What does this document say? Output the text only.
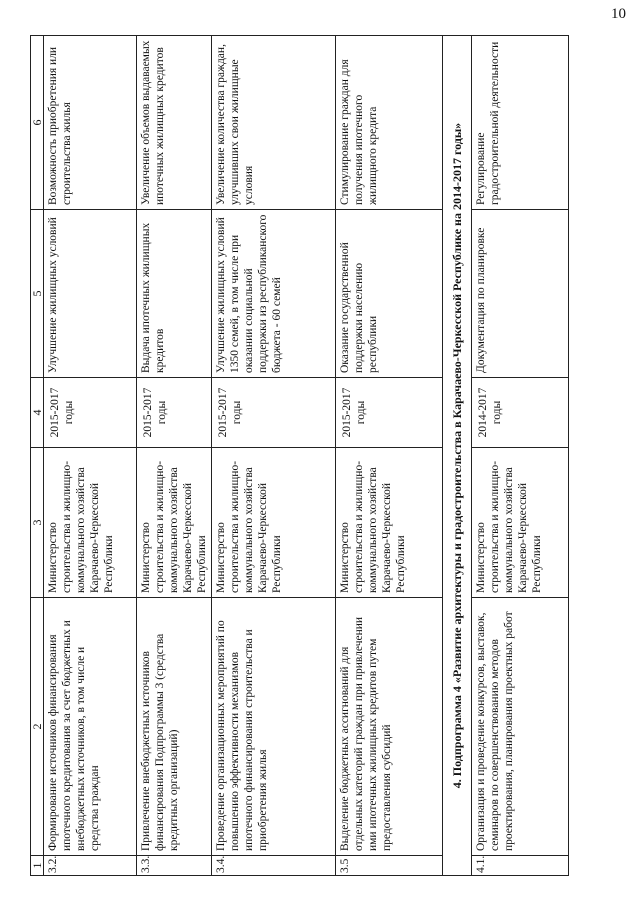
10
1	2	3	4	5	6
3.2.	Формирование источников финансирования ипотечного кредитования за счет бюджетных и внебюджетных источников, в том числе и средства граждан	Министерство строительства и жилищно-коммунального хозяйства Карачаево-Черкесской Республики	2015-2017 годы	Улучшение жилищных условий	Возможность приобретения или строительства жилья
3.3.	Привлечение внебюджетных источников финансирования Подпрограммы 3 (средства кредитных организаций)	Министерство строительства и жилищно-коммунального хозяйства Карачаево-Черкесской Республики	2015-2017 годы	Выдача ипотечных жилищных кредитов	Увеличение объемов выдаваемых ипотечных жилищных кредитов
3.4.	Проведение организационных мероприятий по повышению эффективности механизмов ипотечного финансирования строительства и приобретения жилья	Министерство строительства и жилищно-коммунального хозяйства Карачаево-Черкесской Республики	2015-2017 годы	Улучшение жилищных условий 1350 семей, в том числе при оказании социальной поддержки из республиканского бюджета - 60 семей	Увеличение количества граждан, улучшивших свои жилищные условия
3.5	Выделение бюджетных ассигнований для отдельных категорий граждан при привлечении ими ипотечных жилищных кредитов путем предоставления субсидий	Министерство строительства и жилищно-коммунального хозяйства Карачаево-Черкесской Республики	2015-2017 годы	Оказание государственной поддержки населению республики	Стимулирование граждан для получения ипотечного жилищного кредита
4. Подпрограмма 4 «Развитие архитектуры и градостроительства в Карачаево-Черкесской Республике на 2014-2017 годы»					
4.1.	Организация и проведение конкурсов, выставок, семинаров по совершенствованию методов проектирования, планирования проектных работ	Министерство строительства и жилищно-коммунального хозяйства Карачаево-Черкесской Республики	2014-2017 годы	Документация по планировке	Регулирование градостроительной деятельности
